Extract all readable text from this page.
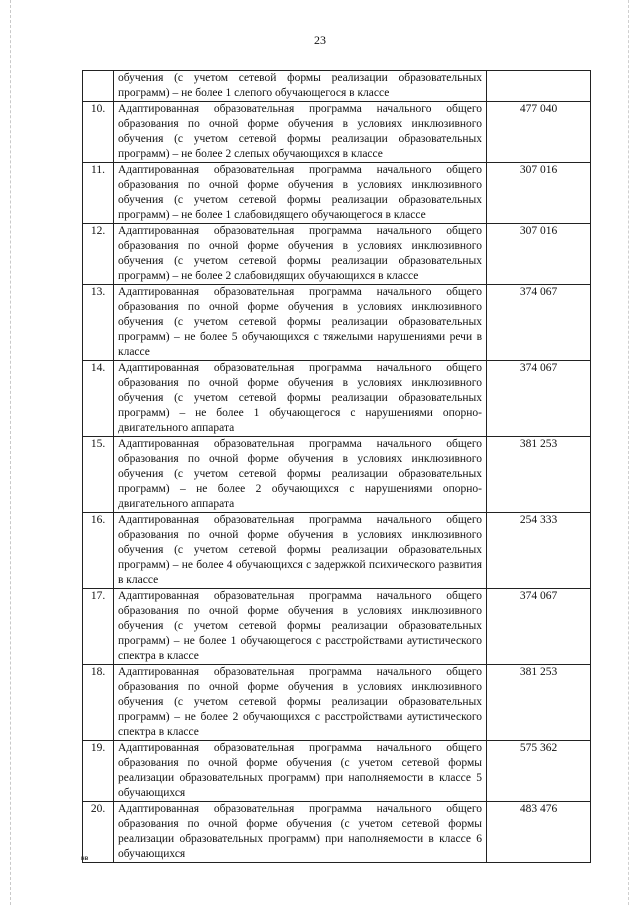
23
	обучения (с учетом сетевой формы реализации образовательных программ) – не более 1 слепого обучающегося в классе	
10.	Адаптированная образовательная программа начального общего образования по очной форме обучения в условиях инклюзивного обучения (с учетом сетевой формы реализации образовательных программ) – не более 2 слепых обучающихся в классе	477 040
11.	Адаптированная образовательная программа начального общего образования по очной форме обучения в условиях инклюзивного обучения (с учетом сетевой формы реализации образовательных программ) – не более 1 слабовидящего обучающегося в классе	307 016
12.	Адаптированная образовательная программа начального общего образования по очной форме обучения в условиях инклюзивного обучения (с учетом сетевой формы реализации образовательных программ) – не более 2 слабовидящих обучающихся в классе	307 016
13.	Адаптированная образовательная программа начального общего образования по очной форме обучения в условиях инклюзивного обучения (с учетом сетевой формы реализации образовательных программ) – не более 5 обучающихся с тяжелыми нарушениями речи в классе	374 067
14.	Адаптированная образовательная программа начального общего образования по очной форме обучения в условиях инклюзивного обучения (с учетом сетевой формы реализации образовательных программ) – не более 1 обучающегося с нарушениями опорно-двигательного аппарата	374 067
15.	Адаптированная образовательная программа начального общего образования по очной форме обучения в условиях инклюзивного обучения (с учетом сетевой формы реализации образовательных программ) – не более 2 обучающихся с нарушениями опорно-двигательного аппарата	381 253
16.	Адаптированная образовательная программа начального общего образования по очной форме обучения в условиях инклюзивного обучения (с учетом сетевой формы реализации образовательных программ) – не более 4 обучающихся с задержкой психического развития в классе	254 333
17.	Адаптированная образовательная программа начального общего образования по очной форме обучения в условиях инклюзивного обучения (с учетом сетевой формы реализации образовательных программ) – не более 1 обучающегося с расстройствами аутистического спектра в классе	374 067
18.	Адаптированная образовательная программа начального общего образования по очной форме обучения в условиях инклюзивного обучения (с учетом сетевой формы реализации образовательных программ) – не более 2 обучающихся с расстройствами аутистического спектра в классе	381 253
19.	Адаптированная образовательная программа начального общего образования по очной форме обучения (с учетом сетевой формы реализации образовательных программ) при наполняемости в классе 5 обучающихся	575 362
20.	Адаптированная образовательная программа начального общего образования по очной форме обучения (с учетом сетевой формы реализации образовательных программ) при наполняемости в классе 6 обучающихся	483 476
нв
